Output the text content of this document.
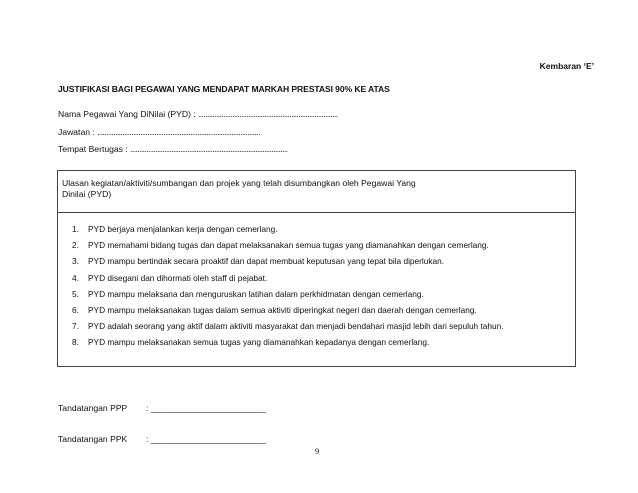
Kembaran ‘E’
JUSTIFIKASI BAGI PEGAWAI YANG MENDAPAT MARKAH PRESTASI 90% KE ATAS
Nama Pegawai Yang DiNilai (PYD) : ..............................................................................
Jawatan : ...........................................................................................
Tempat Bertugas : ........................................................................................
Ulasan kegiatan/aktiviti/sumbangan dan projek yang telah disumbangkan oleh Pegawai Yang
Dinilai (PYD)
1. PYD berjaya menjalankan kerja dengan cemerlang.
2. PYD memahami bidang tugas dan dapat melaksanakan semua tugas yang diamanahkan dengan cemerlang.
3. PYD mampu bertindak secara proaktif dan dapat membuat keputusan yang tepat bila diperlukan.
4. PYD disegani dan dihormati oleh staff di pejabat.
5. PYD mampu melaksana dan menguruskan latihan dalam perkhidmatan dengan cemerlang.
6. PYD mampu melaksanakan tugas dalam semua aktiviti diperingkat negeri dan daerah dengan cemerlang.
7. PYD adalah seorang yang aktif dalam aktiviti masyarakat dan menjadi bendahari masjid lebih dari sepuluh tahun.
8. PYD mampu melaksanakan semua tugas yang diamanahkan kepadanya dengan cemerlang.
Tandatangan PPP : ________________________
Tandatangan PPK : ________________________
9
